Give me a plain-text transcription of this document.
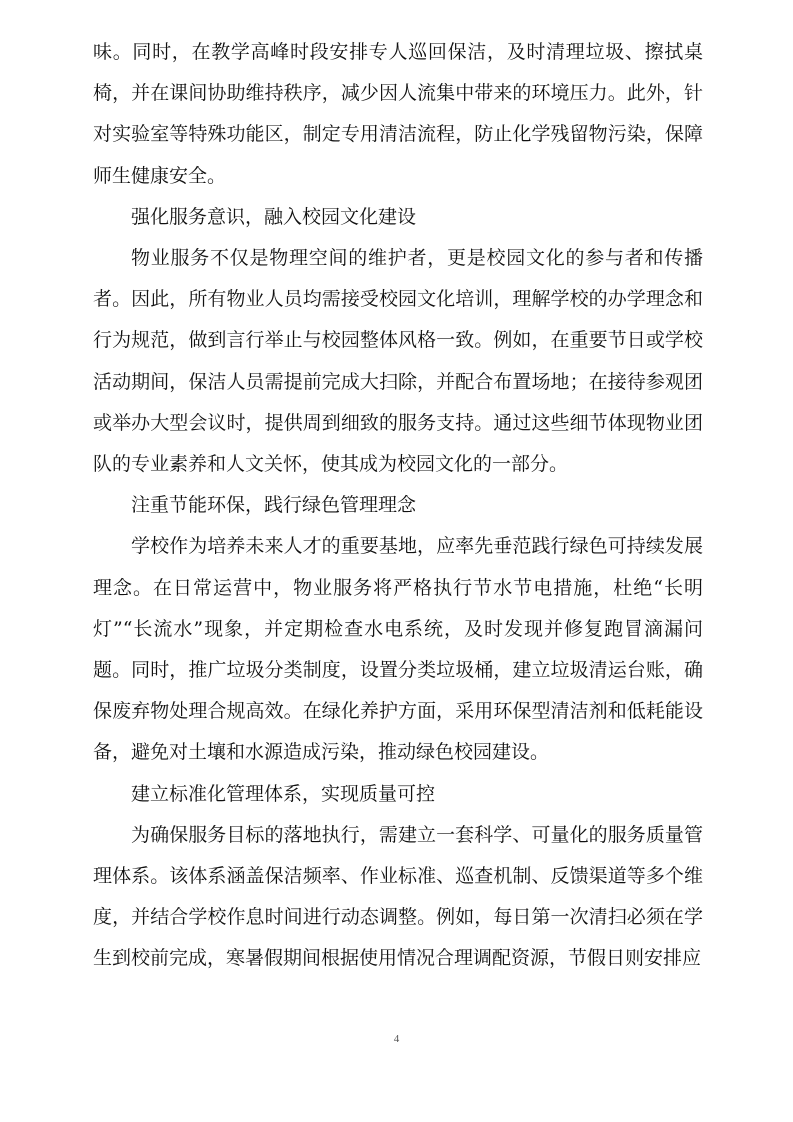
味。同时，在教学高峰时段安排专人巡回保洁，及时清理垃圾、擦拭桌椅，并在课间协助维持秩序，减少因人流集中带来的环境压力。此外，针对实验室等特殊功能区，制定专用清洁流程，防止化学残留物污染，保障师生健康安全。

强化服务意识，融入校园文化建设

物业服务不仅是物理空间的维护者，更是校园文化的参与者和传播者。因此，所有物业人员均需接受校园文化培训，理解学校的办学理念和行为规范，做到言行举止与校园整体风格一致。例如，在重要节日或学校活动期间，保洁人员需提前完成大扫除，并配合布置场地；在接待参观团或举办大型会议时，提供周到细致的服务支持。通过这些细节体现物业团队的专业素养和人文关怀，使其成为校园文化的一部分。

注重节能环保，践行绿色管理理念

学校作为培养未来人才的重要基地，应率先垂范践行绿色可持续发展理念。在日常运营中，物业服务将严格执行节水节电措施，杜绝“长明灯”“长流水”现象，并定期检查水电系统，及时发现并修复跑冒滴漏问题。同时，推广垃圾分类制度，设置分类垃圾桶，建立垃圾清运台账，确保废弃物处理合规高效。在绿化养护方面，采用环保型清洁剂和低耗能设备，避免对土壤和水源造成污染，推动绿色校园建设。

建立标准化管理体系，实现质量可控

为确保服务目标的落地执行，需建立一套科学、可量化的服务质量管理体系。该体系涵盖保洁频率、作业标准、巡查机制、反馈渠道等多个维度，并结合学校作息时间进行动态调整。例如，每日第一次清扫必须在学生到校前完成，寒暑假期间根据使用情况合理调配资源，节假日则安排应

4
